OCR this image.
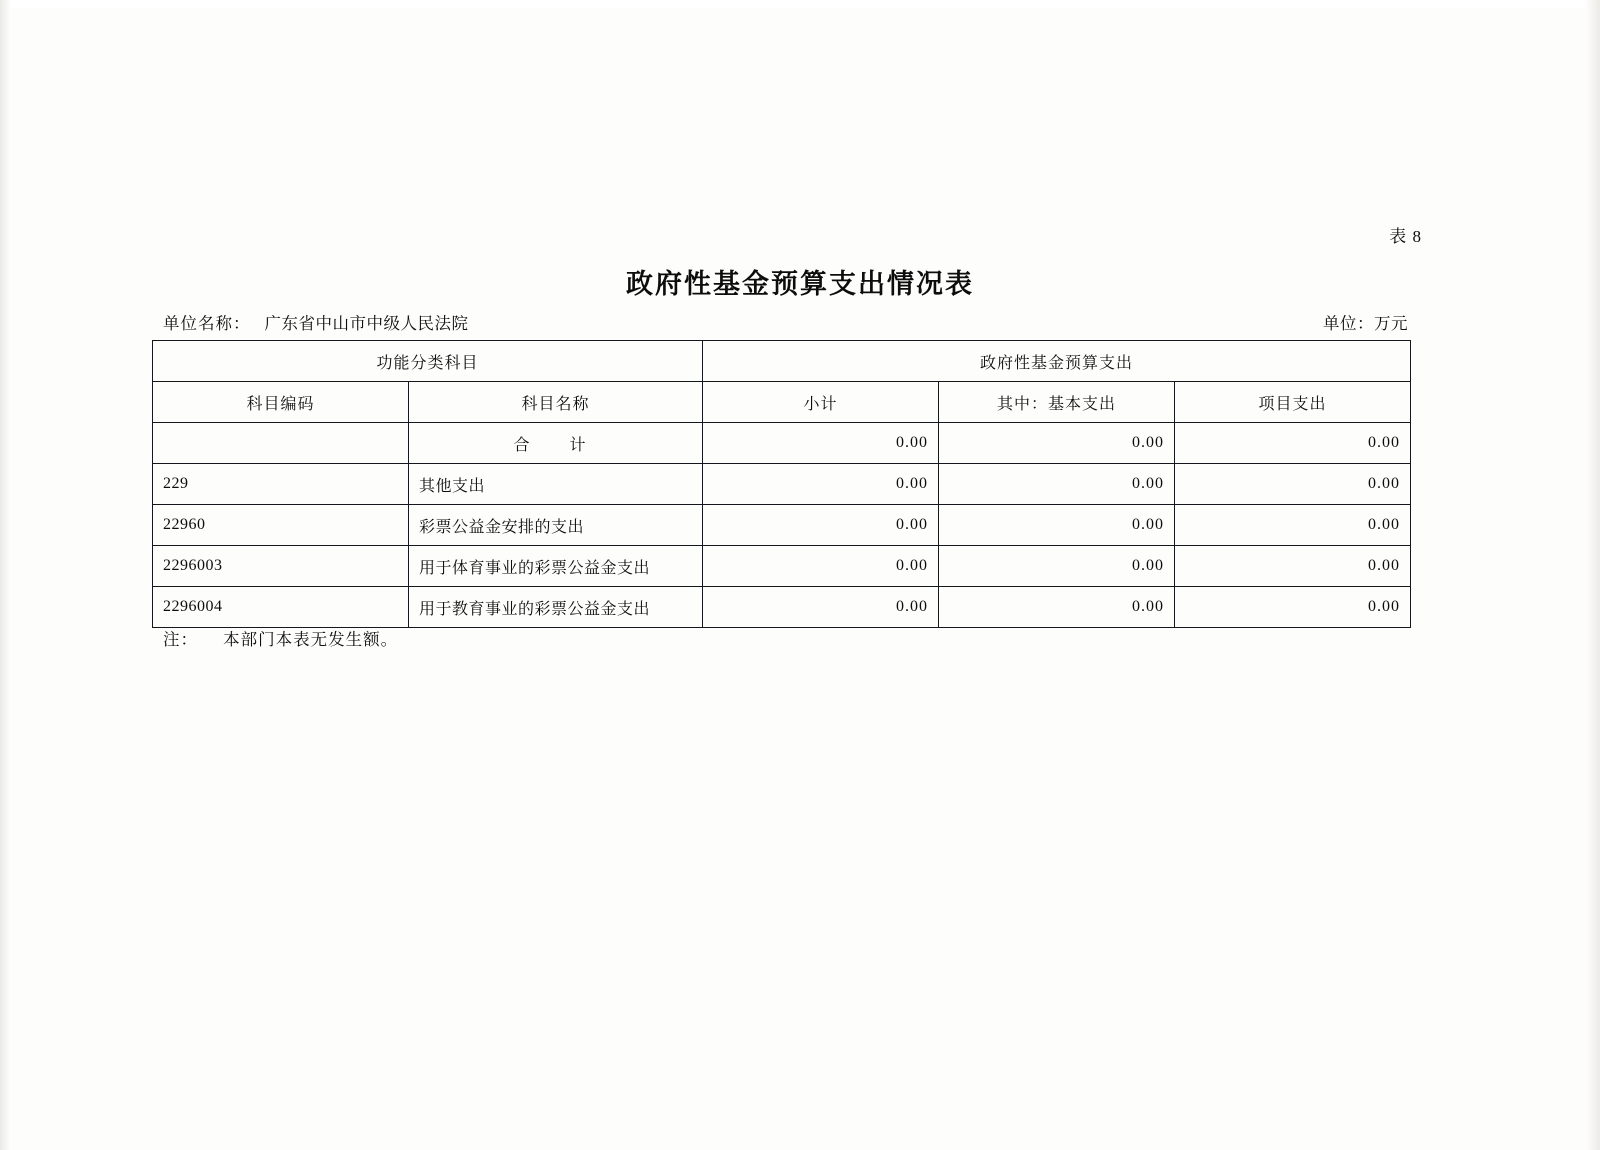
表 8
政府性基金预算支出情况表
单位名称： 广东省中山市中级人民法院	单位：万元
功能分类科目		政府性基金预算支出		
科目编码	科目名称	小计	其中：基本支出	项目支出
	合　计	0.00	0.00	0.00
229	其他支出	0.00	0.00	0.00
22960	彩票公益金安排的支出	0.00	0.00	0.00
2296003	用于体育事业的彩票公益金支出	0.00	0.00	0.00
2296004	用于教育事业的彩票公益金支出	0.00	0.00	0.00
注： 本部门本表无发生额。
